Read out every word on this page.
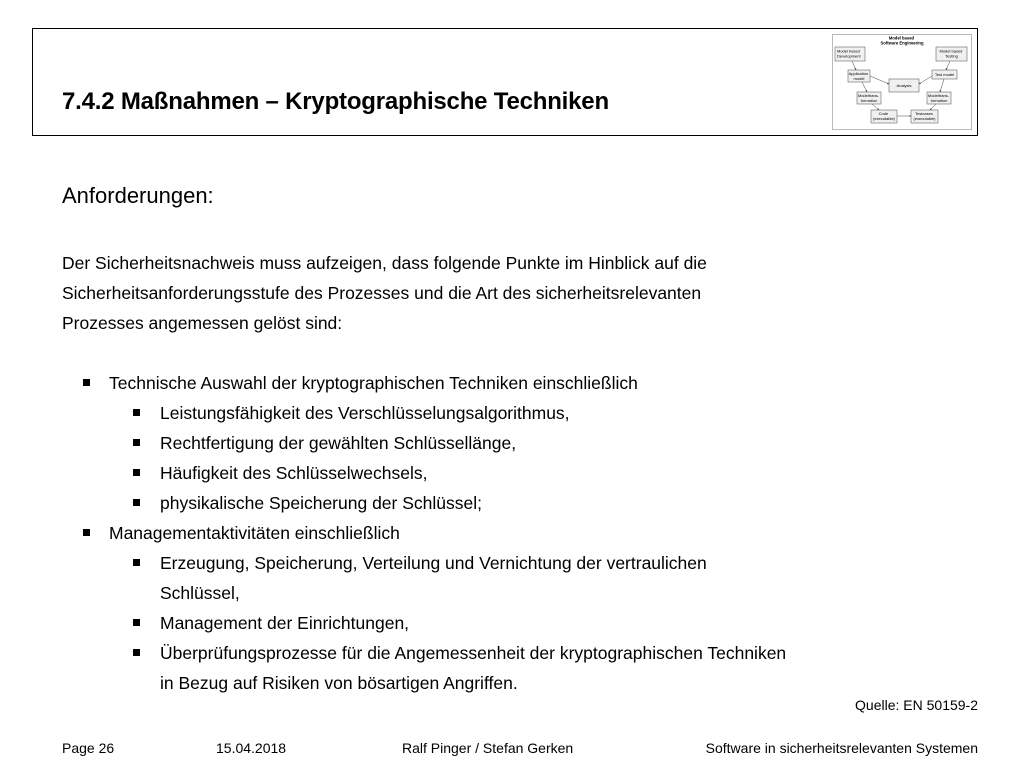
7.4.2 Maßnahmen – Kryptographische Techniken
Model based Software Engineering
Model based Development
Model based Testing
Application model
Test model
Analysis
Modeltrans- formation
Modeltrans- formation
Code (executable)
Testcases (executable)
Anforderungen:

Der Sicherheitsnachweis muss aufzeigen, dass folgende Punkte im Hinblick auf die
Sicherheitsanforderungsstufe des Prozesses und die Art des sicherheitsrelevanten
Prozesses angemessen gelöst sind:

Technische Auswahl der kryptographischen Techniken einschließlich
Leistungsfähigkeit des Verschlüsselungsalgorithmus,
Rechtfertigung der gewählten Schlüssellänge,
Häufigkeit des Schlüsselwechsels,
physikalische Speicherung der Schlüssel;
Managementaktivitäten einschließlich
Erzeugung, Speicherung, Verteilung und Vernichtung der vertraulichen
Schlüssel,
Management der Einrichtungen,
Überprüfungsprozesse für die Angemessenheit der kryptographischen Techniken
in Bezug auf Risiken von bösartigen Angriffen.
Quelle: EN 50159-2
Page 26	15.04.2018	Ralf Pinger / Stefan Gerken	Software in sicherheitsrelevanten Systemen
